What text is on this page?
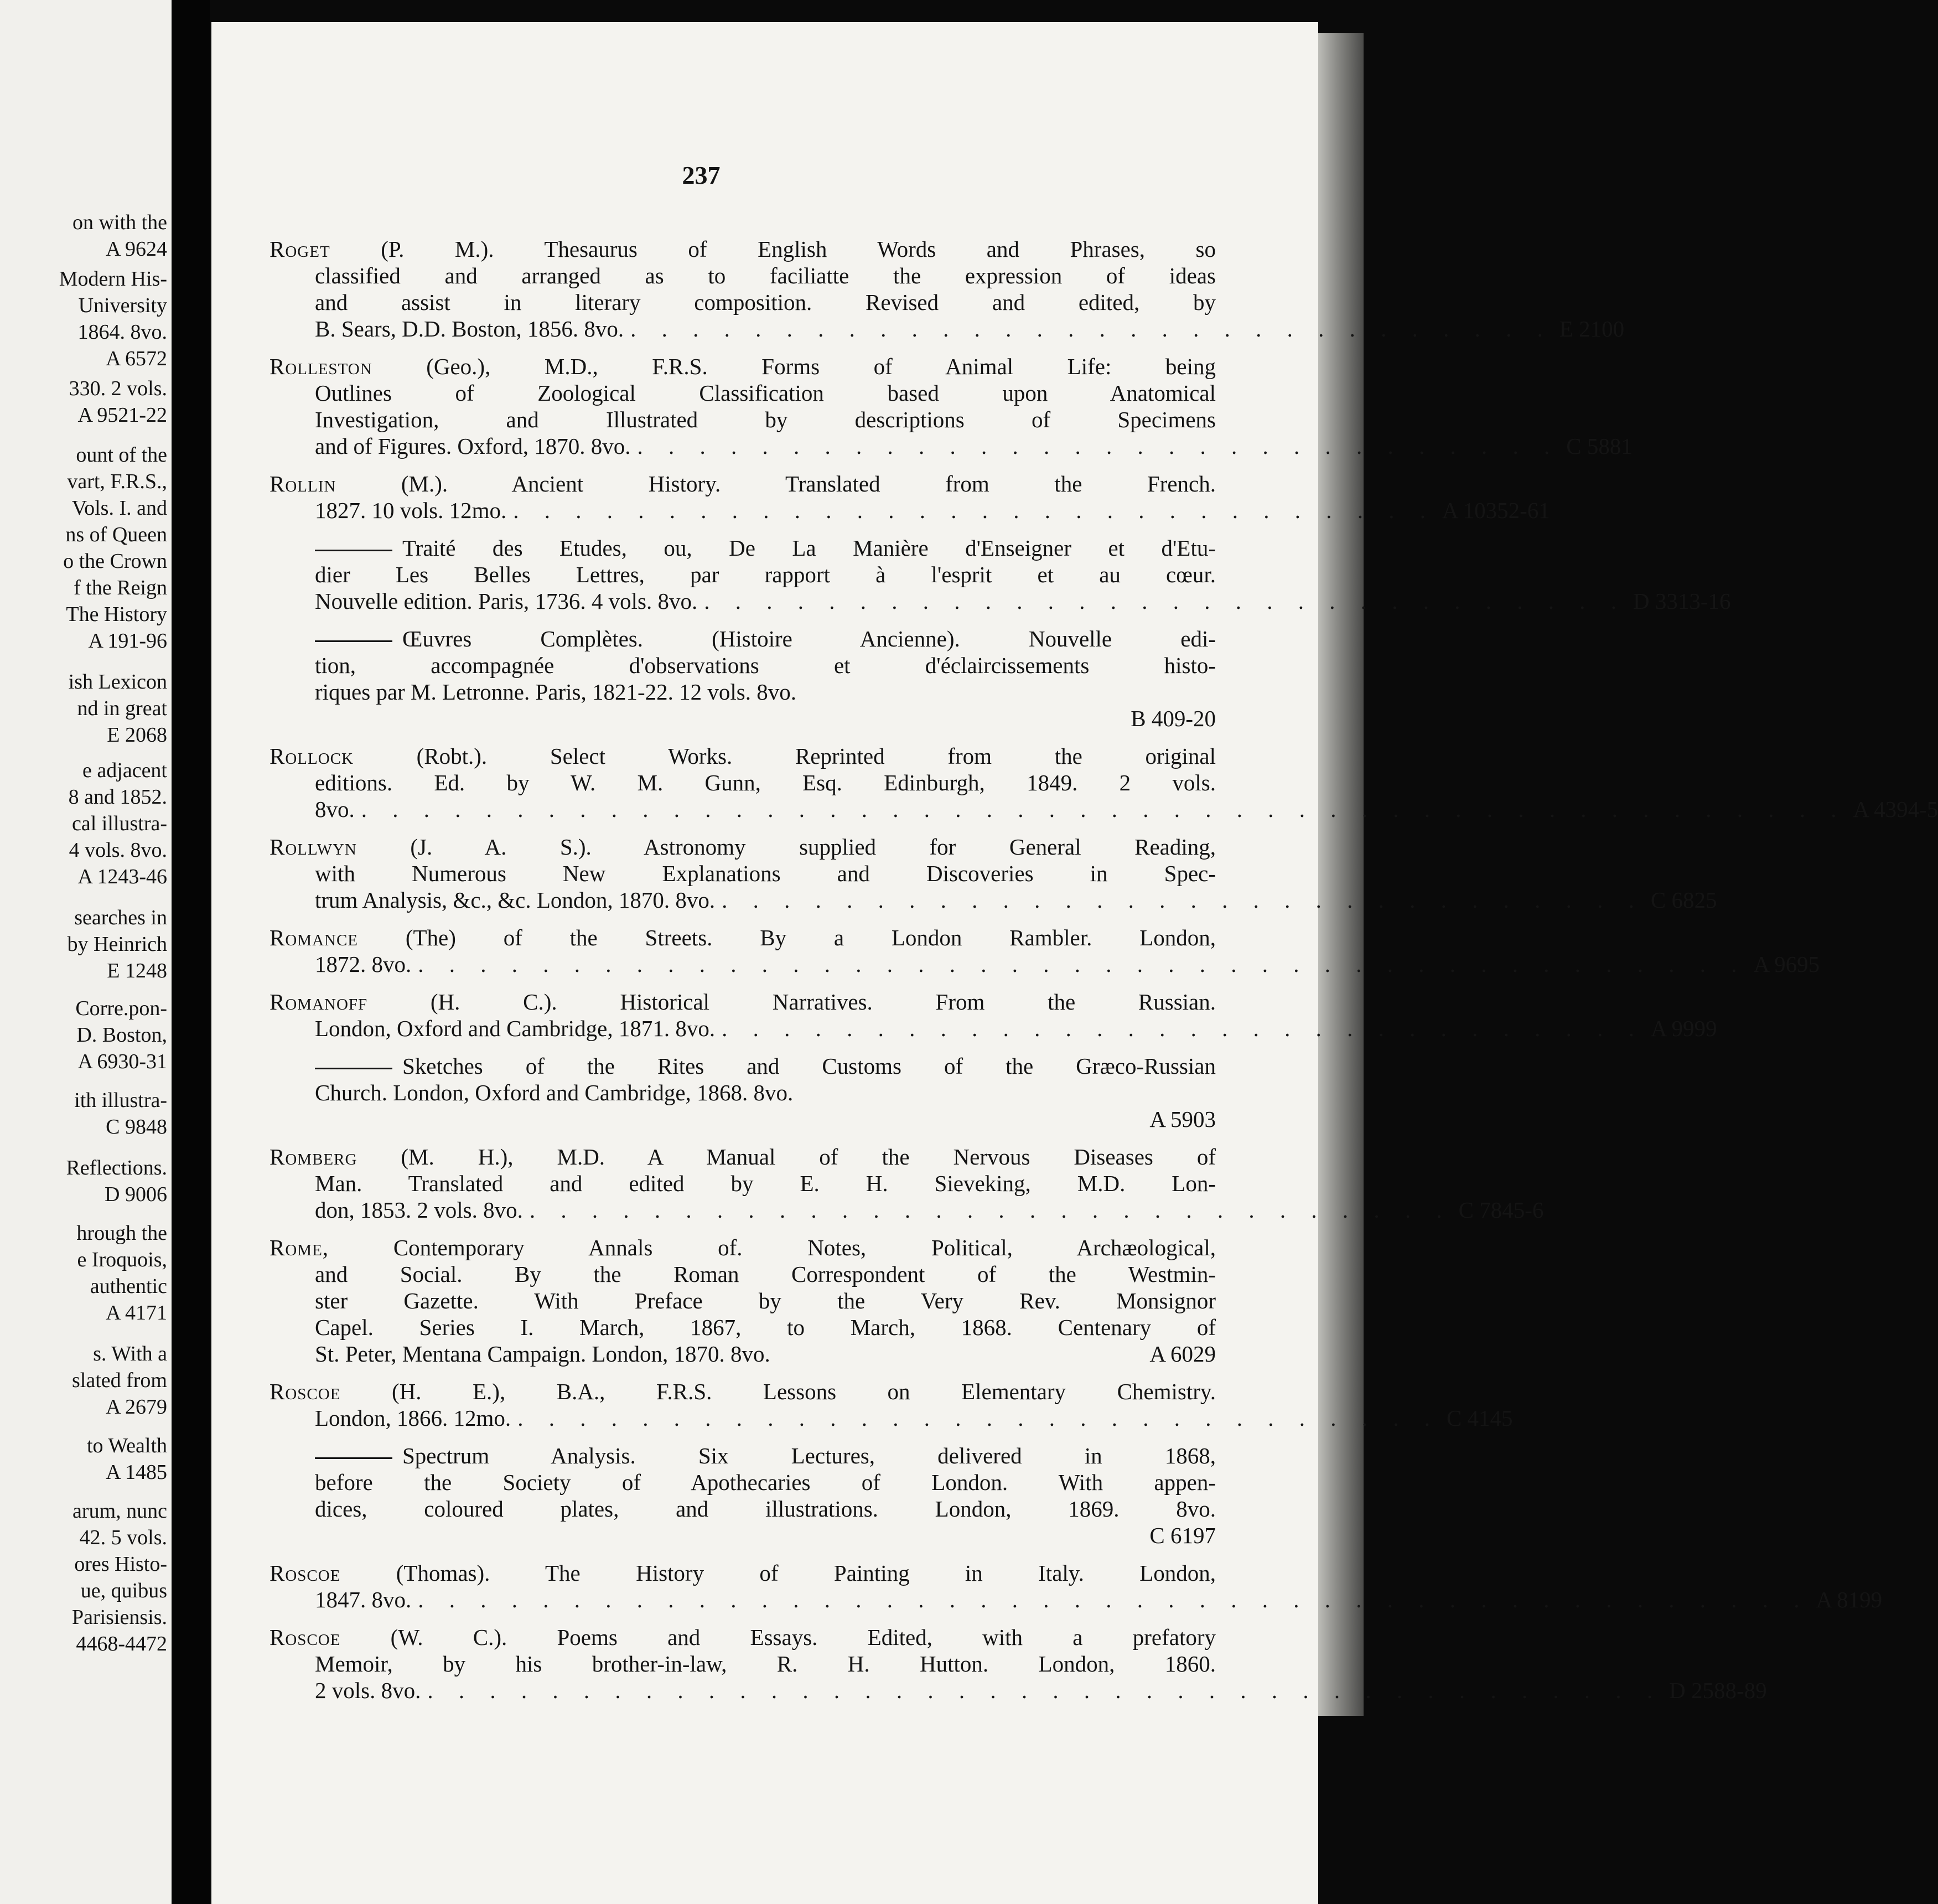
on with the
A 9624
Modern His-
University
1864. 8vo.
A 6572
330. 2 vols.
A 9521-22
ount of the
vart, F.R.S.,
Vols. I. and
ns of Queen
o the Crown
f the Reign
The History
A 191-96
ish Lexicon
nd in great
E 2068
e adjacent
8 and 1852.
cal illustra-
4 vols. 8vo.
A 1243-46
searches in
by Heinrich
E 1248
Corre.pon-
D. Boston,
A 6930-31
ith illustra-
C 9848
Reflections.
D 9006
hrough the
e Iroquois,
authentic
A 4171
s. With a
slated from
A 2679
to Wealth
A 1485
arum, nunc
42. 5 vols.
ores Histo-
ue, quibus
Parisiensis.
4468-4472
237
Roget (P. M.). Thesaurus of English Words and Phrases, so
classified and arranged as to faciliatte the expression of ideas
and assist in literary composition. Revised and edited, by
B. Sears, D.D. Boston, 1856. 8vo. . . . . . . . . . . . . . . . . . . . . . . . . . . . . . . E 2100
Rolleston (Geo.), M.D., F.R.S. Forms of Animal Life: being
Outlines of Zoological Classification based upon Anatomical
Investigation, and Illustrated by descriptions of Specimens
and of Figures. Oxford, 1870. 8vo. . . . . . . . . . . . . . . . . . . . . . . . . . . . . . . C 5881
Rollin	(M.). Ancient History. Translated from the French.
1827. 10 vols. 12mo. . . . . . . . . . . . . . . . . . . . . . . . . . . . . . . A 10352-61
Traité des Etudes, ou, De La Manière d'Enseigner et d'Etu-
dier Les Belles Lettres, par rapport à l'esprit et au cœur.
Nouvelle edition. Paris, 1736. 4 vols. 8vo. . . . . . . . . . . . . . . . . . . . . . . . . . . . . . . D 3313-16
Œuvres Complètes. (Histoire Ancienne). Nouvelle edi-
tion, accompagnée d'observations et d'éclaircissements histo-
riques par M. Letronne. Paris, 1821-22. 12 vols. 8vo.
B 409-20
Rollock	(Robt.). Select Works. Reprinted from the original
editions. Ed. by W. M. Gunn, Esq. Edinburgh, 1849. 2 vols.
8vo. . . . . . . . . . . . . . . . . . . . . . . . . . . . . . . . . . . . . . . . . . . . . . . . . A 4394-5
Rollwyn (J. A. S.). Astronomy supplied for General Reading,
with Numerous New Explanations and Discoveries in Spec-
trum Analysis, &c., &c. London, 1870. 8vo. . . . . . . . . . . . . . . . . . . . . . . . . . . . . . . C 6825
Romance (The) of the Streets. By a London Rambler. London,
1872. 8vo. . . . . . . . . . . . . . . . . . . . . . . . . . . . . . . . . . . . . . . . . . . . A 9695
Romanoff	(H. C.). Historical Narratives. From the Russian.
London, Oxford and Cambridge, 1871. 8vo. . . . . . . . . . . . . . . . . . . . . . . . . . . . . . . A 9999
Sketches of the Rites and Customs of the Græco-Russian
Church. London, Oxford and Cambridge, 1868. 8vo.
A 5903
Romberg (M. H.), M.D. A Manual of the Nervous Diseases of
Man. Translated and edited by E. H. Sieveking, M.D. Lon-
don, 1853. 2 vols. 8vo. . . . . . . . . . . . . . . . . . . . . . . . . . . . . . . C 7845-6
Rome, Contemporary Annals of. Notes, Political, Archæological,
and Social. By the Roman Correspondent of the Westmin-
ster Gazette. With Preface by the Very Rev. Monsignor
Capel. Series I. March, 1867, to March, 1868. Centenary of
St. Peter, Mentana Campaign. London, 1870. 8vo.
	A 6029
Roscoe (H. E.), B.A., F.R.S. Lessons on Elementary Chemistry.
London, 1866. 12mo. . . . . . . . . . . . . . . . . . . . . . . . . . . . . . . C 4145
Spectrum Analysis. Six Lectures, delivered in 1868,
before the Society of Apothecaries of London. With appen-
dices, coloured plates, and illustrations. London, 1869. 8vo.
C 6197
Roscoe (Thomas). The History of Painting in Italy. London,
1847. 8vo. . . . . . . . . . . . . . . . . . . . . . . . . . . . . . . . . . . . . . . . . . . . . . A 8199
Roscoe (W. C.). Poems and Essays. Edited, with a prefatory
Memoir, by his brother-in-law, R. H. Hutton. London, 1860.
2 vols. 8vo. . . . . . . . . . . . . . . . . . . . . . . . . . . . . . . . . . . . . . . . . D 2588-89
